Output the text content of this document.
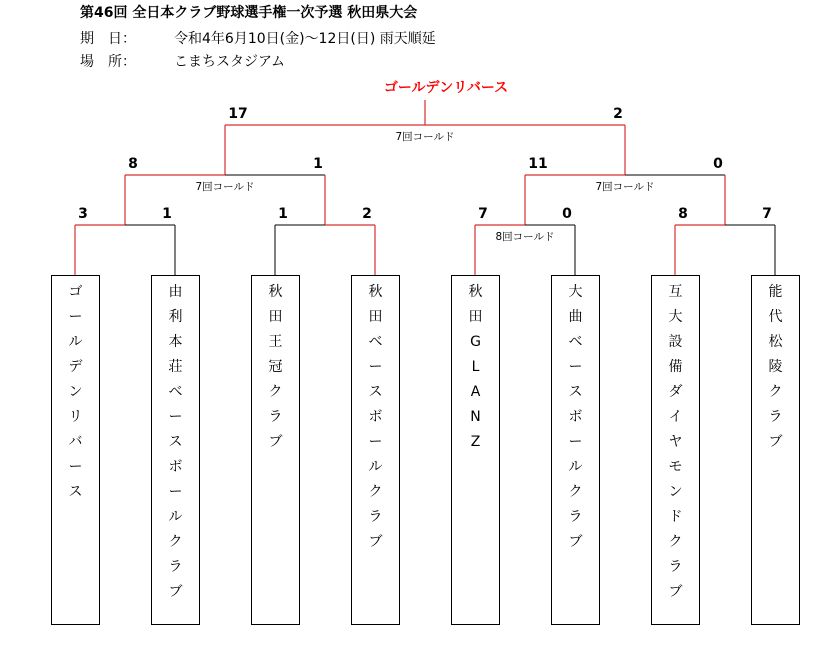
第46回 全日本クラブ野球選手権一次予選 秋田県大会
期　日：	令和4年6月10日(金)～12日(日) 雨天順延
場　所：	こまちスタジアム
ゴールデンリバース
17	2
7回コールド
8	1
7回コールド
11	0
7回コールド
3	1	1	2	7	0
8回コールド
8	7
ゴールデンリバース
由利本荘ベースボールクラブ
秋田王冠クラブ
秋田ベースボールクラブ
秋田GLANZ
大曲ベースボールクラブ
互大設備ダイヤモンドクラブ
能代松陵クラブ
